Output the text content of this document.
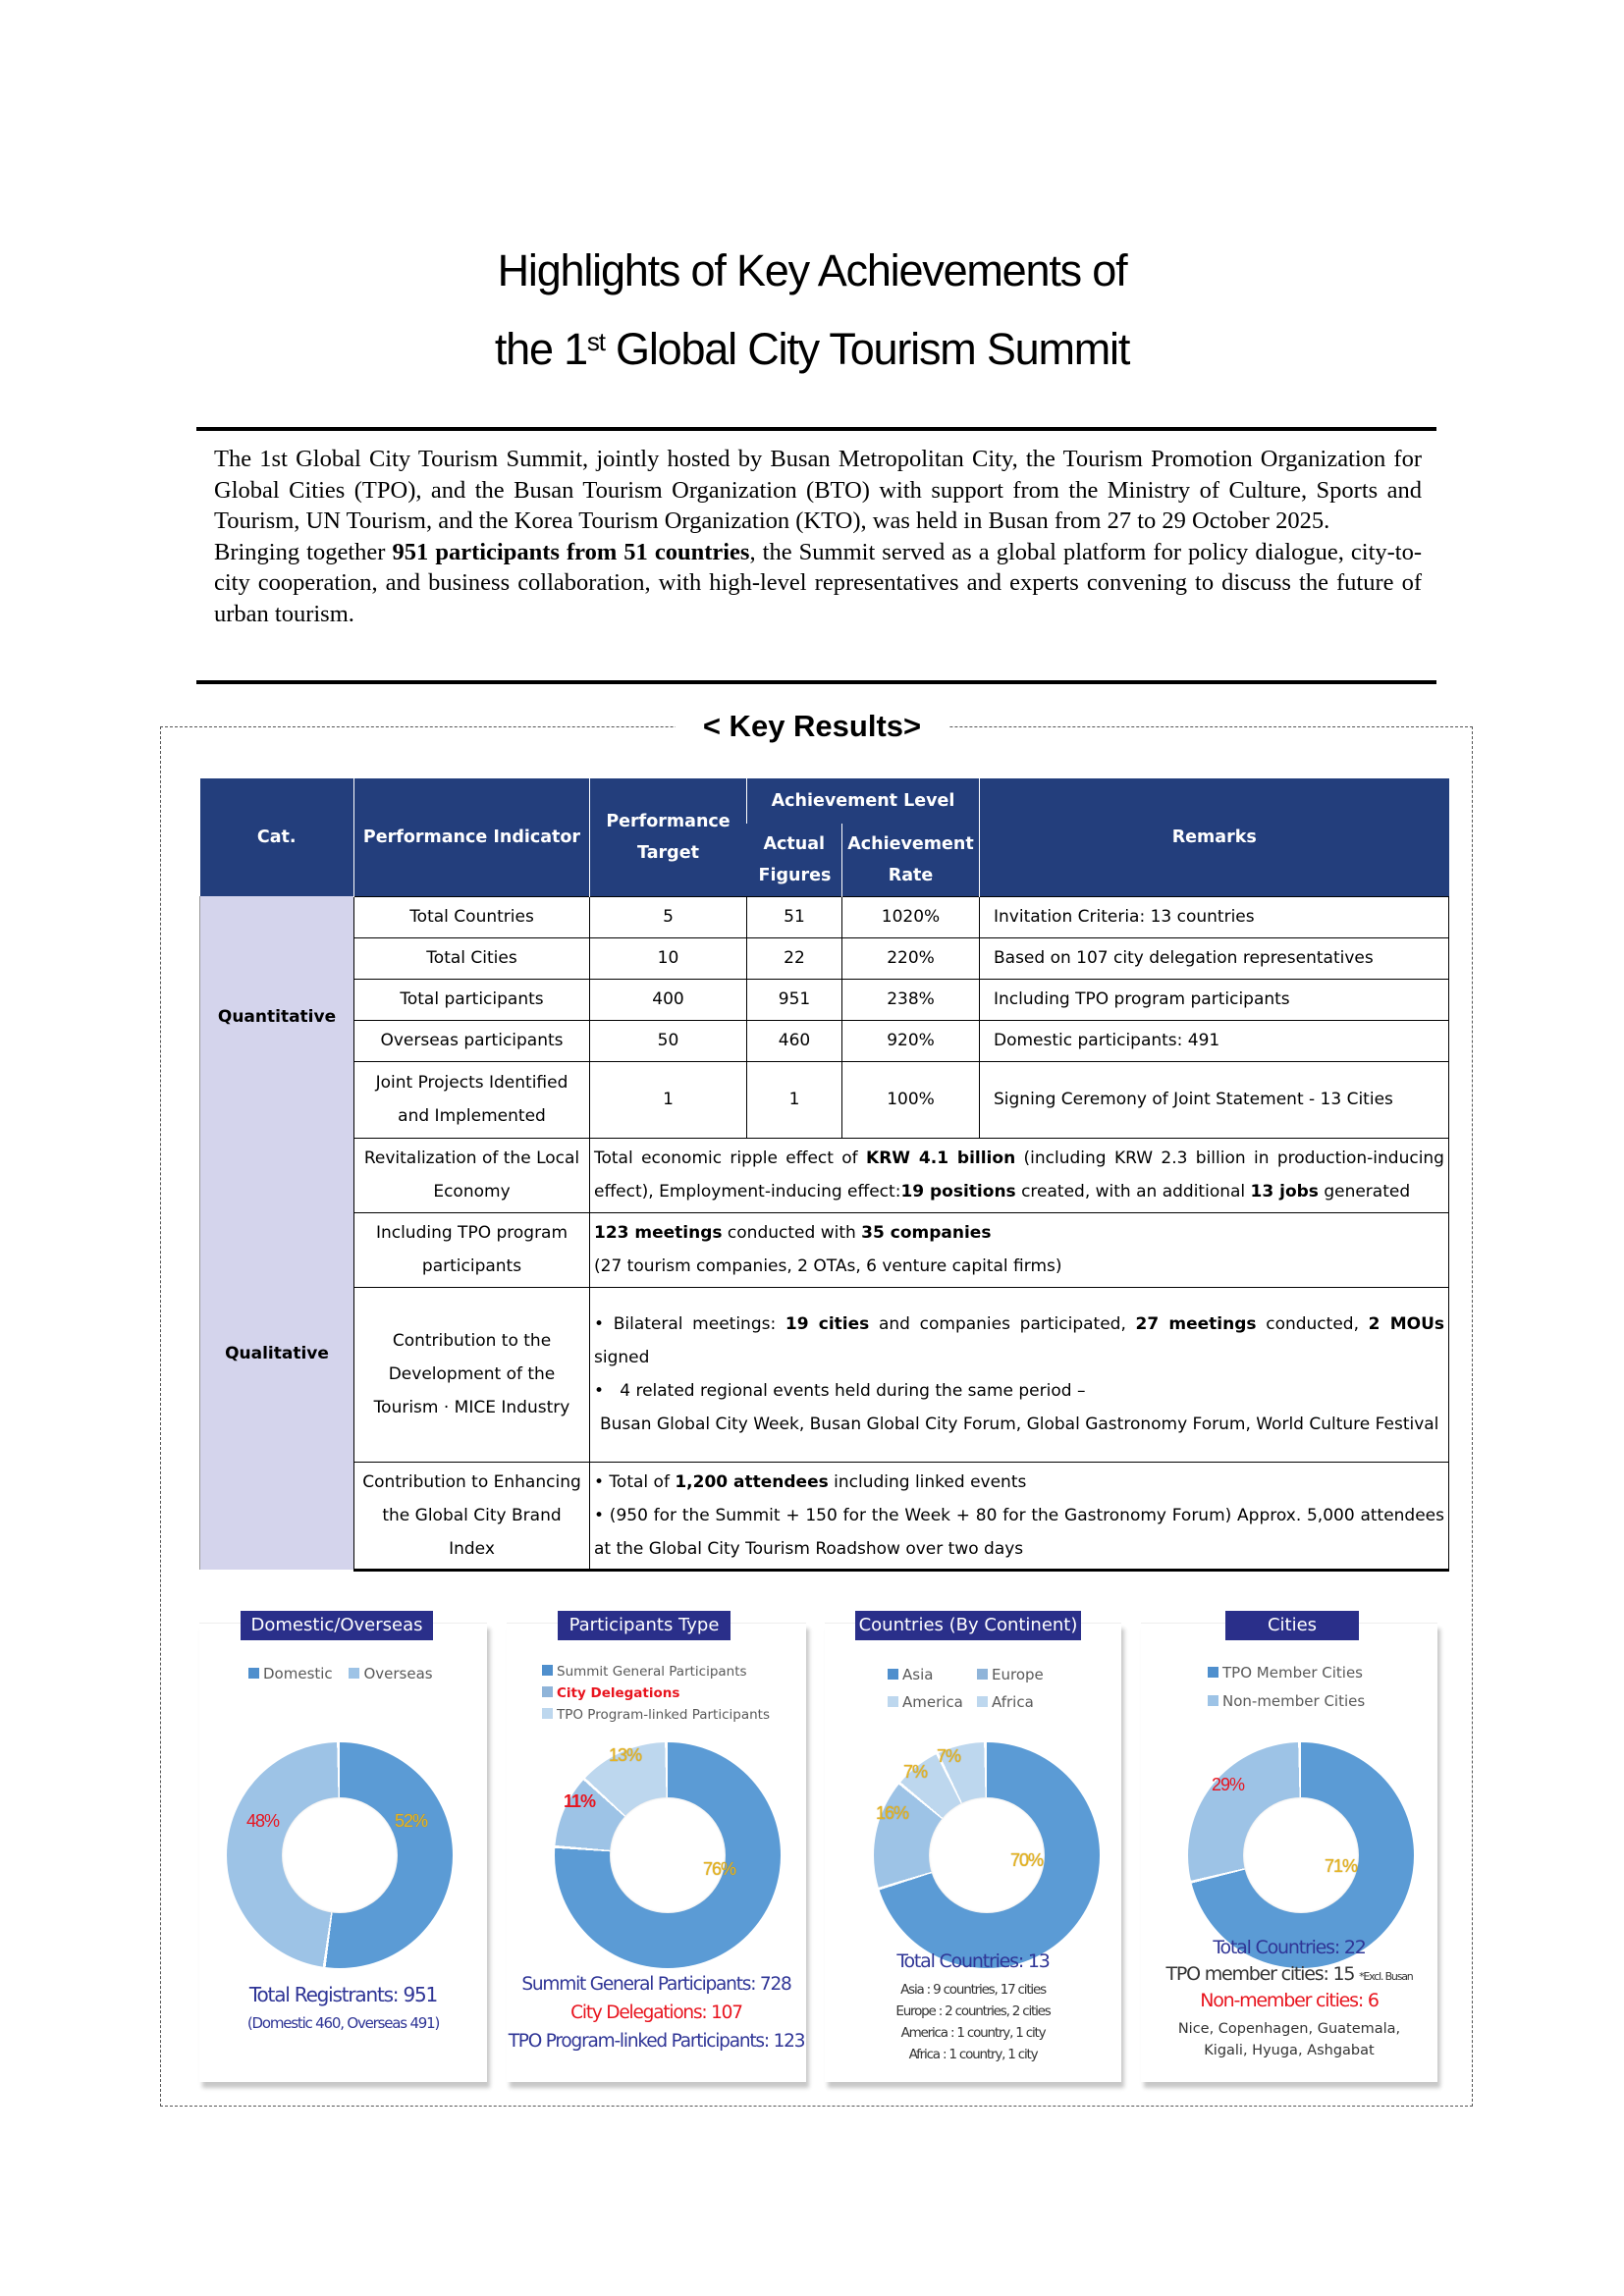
Highlights of Key Achievements of
the 1st Global City Tourism Summit

The 1st Global City Tourism Summit, jointly hosted by Busan Metropolitan City, the Tourism Promotion Organization for Global Cities (TPO), and the Busan Tourism Organization (BTO) with support from the Ministry of Culture, Sports and Tourism, UN Tourism, and the Korea Tourism Organization (KTO), was held in Busan from 27 to 29 October 2025.

Bringing together 951 participants from 51 countries, the Summit served as a global platform for policy dialogue, city-to-city cooperation, and business collaboration, with high-level representatives and experts convening to discuss the future of urban tourism.

< Key Results>
Cat.	Performance Indicator	Performance Target	Achievement Level		Remarks
			Actual Figures	Achievement Rate	
Quantitative	Total Countries	5	51	1020%	Invitation Criteria: 13 countries
	Total Cities	10	22	220%	Based on 107 city delegation representatives
	Total participants	400	951	238%	Including TPO program participants
	Overseas participants	50	460	920%	Domestic participants: 491
	Joint Projects Identified and Implemented	1	1	100%	Signing Ceremony of Joint Statement - 13 Cities
Qualitative	Revitalization of the Local Economy	Total economic ripple effect of KRW 4.1 billion (including KRW 2.3 billion in production-inducing effect), Employment-inducing effect:19 positions created, with an additional 13 jobs generated			
	Including TPO program participants	123 meetings conducted with 35 companies
(27 tourism companies, 2 OTAs, 6 venture capital firms)			
	Contribution to the Development of the Tourism · MICE Industry	• Bilateral meetings: 19 cities and companies participated, 27 meetings conducted, 2 MOUs signed
•   4 related regional events held during the same period –
Busan Global City Week, Busan Global City Forum, Global Gastronomy Forum, World Culture Festival			

	Contribution to Enhancing the Global City Brand Index	• Total of 1,200 attendees including linked events
• (950 for the Summit + 150 for the Week + 80 for the Gastronomy Forum) Approx. 5,000 attendees at the Global City Tourism Roadshow over two days			
Domestic/Overseas
Domestic Overseas
48%	52%
Total Registrants: 951
(Domestic 460, Overseas 491)
Participants Type
Summit General Participants
City Delegations
TPO Program-linked Participants
13%
11%
76%
Summit General Participants: 728
City Delegations: 107
TPO Program-linked Participants: 123
Countries (By Continent)
Asia	Europe
America Africa
7%
7%
16%
70%
Total Countries: 13
Asia : 9 countries, 17 cities
Europe : 2 countries, 2 cities
America : 1 country, 1 city
Africa : 1 country, 1 city
Cities
TPO Member Cities
Non-member Cities
29%
71%
Total Countries: 22
TPO member cities: 15 *Excl. Busan
Non-member cities: 6
Nice, Copenhagen, Guatemala,
Kigali, Hyuga, Ashgabat
